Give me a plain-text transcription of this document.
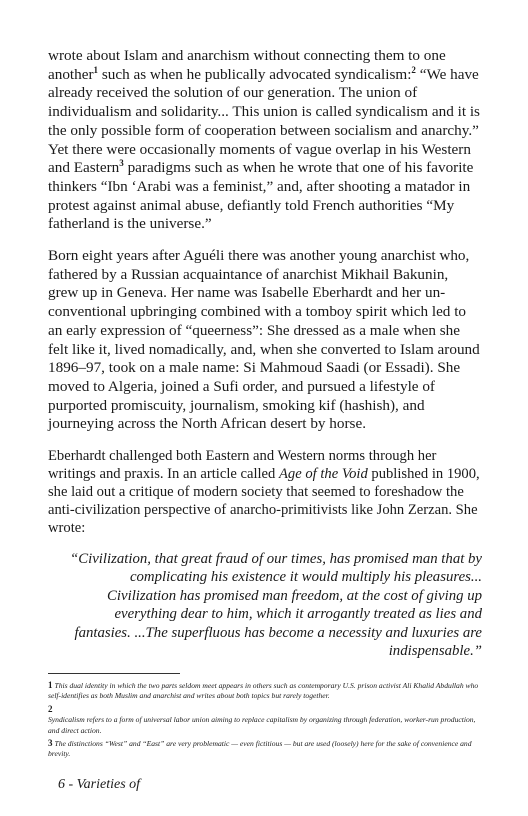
wrote about Islam and anarchism without connecting them to one another$^1$ such as when he publically advocated syndicalism:$^2$ “We have already received the solution of our generation. The union of individualism and solidarity... This union is called syndicalism and it is the only possible form of cooperation between socialism and anarchy.” Yet there were occasionally moments of vague overlap in his Western and Eastern$^3$ paradigms such as when he wrote that one of his favorite thinkers “Ibn ‘Arabi was a feminist,” and, after shooting a matador in protest against animal abuse, defiantly told French authorities “My fatherland is the universe.”

Born eight years after Aguéli there was another young anarchist who, fathered by a Russian acquaintance of anarchist Mikhail Bakunin, grew up in Geneva. Her name was Isabelle Eberhardt and her un-conventional upbringing combined with a tomboy spirit which led to an early expression of “queerness”: She dressed as a male when she felt like it, lived nomadically, and, when she converted to Islam around 1896–97, took on a male name: Si Mahmoud Saadi (or Essadi). She moved to Algeria, joined a Sufi order, and pursued a lifestyle of purported promiscuity, journalism, smoking kif (hashish), and journeying across the North African desert by horse.

Eberhardt challenged both Eastern and Western norms through her writings and praxis. In an article called Age of the Void published in 1900, she laid out a critique of modern society that seemed to foreshadow the anti-civilization perspective of anarcho-primitivists like John Zerzan. She wrote:

“Civilization, that great fraud of our times, has promised man that by complicating his existence it would multiply his pleasures... Civilization has promised man freedom, at the cost of giving up everything dear to him, which it arrogantly treated as lies and fantasies. ...The superfluous has become a necessity and luxuries are indispensable.”

1 This dual identity in which the two parts seldom meet appears in others such as contemporary U.S. prison activist Ali Khalid Abdullah who self-identifies as both Muslim and anarchist and writes about both topics but rarely together.

2
Syndicalism refers to a form of universal labor union aiming to replace capitalism by organizing through federation, worker-run production, and direct action.

3 The distinctions “West” and “East” are very problematic — even fictitious — but are used (loosely) here for the sake of convenience and brevity.

6 - Varieties of
